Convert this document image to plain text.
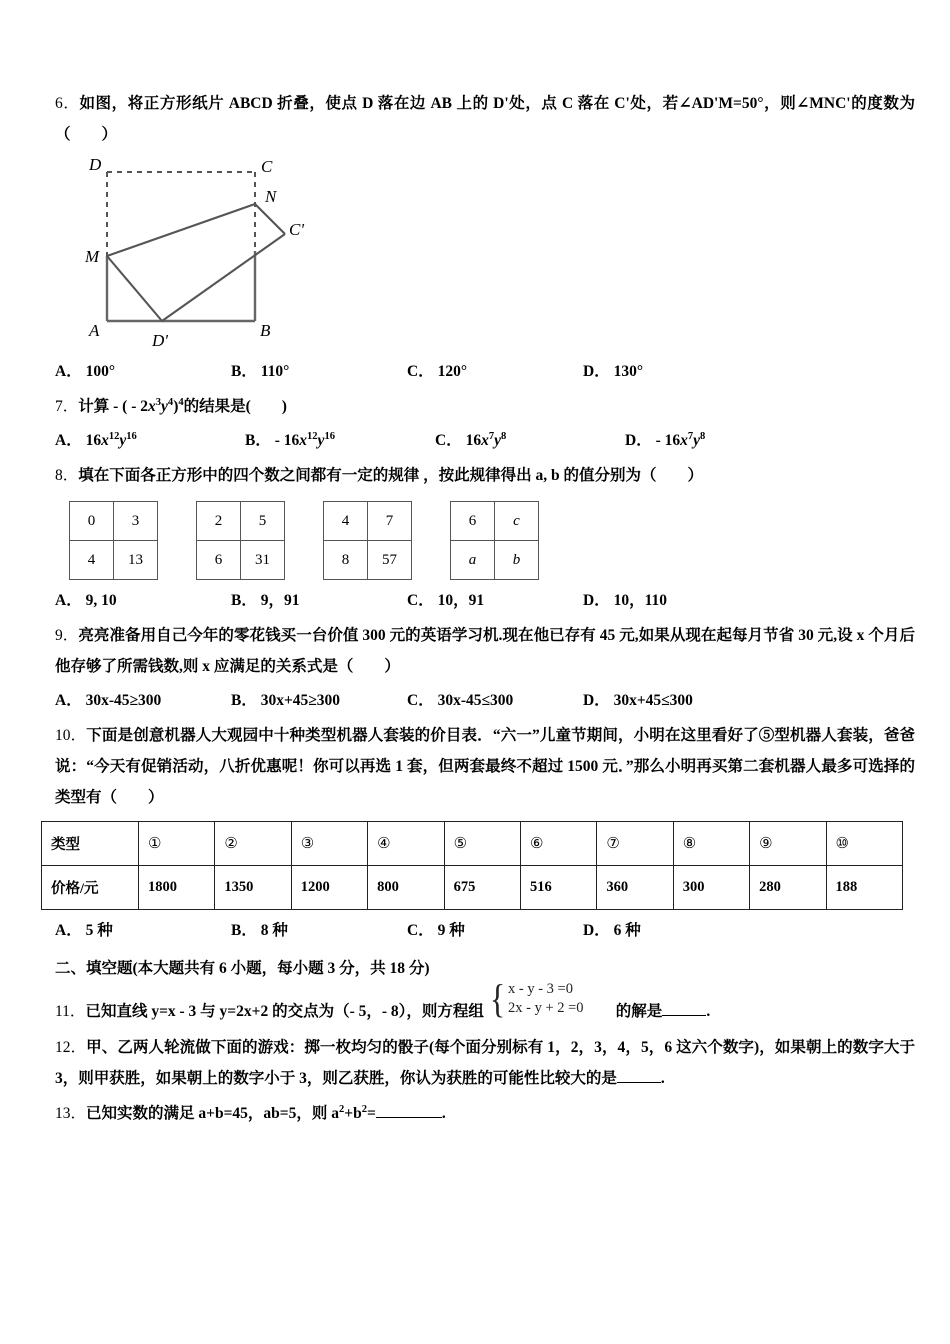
6．如图，将正方形纸片 ABCD 折叠，使点 D 落在边 AB 上的 D'处，点 C 落在 C'处，若∠AD'M=50°，则∠MNC'的度数为（　　）
D	C
N
C'
M
A
D'
B
A． 100°	B． 110°	C． 120°	D． 130°
7．计算 - ( - $2x^3y^4)^4$的结果是(　　)
A． $16x^{12}y^{16}$	B． - $16x^{12}y^{16}$	C． $16x^7y^8$	D． - $16x^7y^8$
8．填在下面各正方形中的四个数之间都有一定的规律 ，按此规律得出 a, b 的值分别为（　　）
0	3
4	13
2	5
6	31
4	7
8	57
6	c
a	b
A． 9, 10	B． 9，91	C． 10，91	D． 10，110
9．亮亮准备用自己今年的零花钱买一台价值 300 元的英语学习机.现在他已存有 45 元,如果从现在起每月节省 30 元,设 x 个月后他存够了所需钱数,则 x 应满足的关系式是（　　）
A． 30x-45≥300	B． 30x+45≥300	C． 30x-45≤300	D． 30x+45≤300
10．下面是创意机器人大观园中十种类型机器人套装的价目表．“六一”儿童节期间，小明在这里看好了⑤型机器人套装，爸爸说：“今天有促销活动，八折优惠呢！你可以再选 1 套，但两套最终不超过 1500 元．”那么小明再买第二套机器人最多可选择的类型有（　　）
类型	①	②	③	④	⑤	⑥	⑦	⑧	⑨	⑩
价格/元	1800	1350	1200	800	675	516	360	300	280	188
A． 5 种	B． 8 种	C． 9 种	D． 6 种
二、填空题(本大题共有 6 小题，每小题 3 分，共 18 分)
11．已知直线 y=x - 3 与 y=2x+2 的交点为（- 5，- 8），则方程组 { x - y - 3 =0
2x - y + 2 =0 的解是	.
12．甲、乙两人轮流做下面的游戏：掷一枚均匀的骰子(每个面分别标有 1，2，3，4，5，6 这六个数字)，如果朝上的数字大于 3，则甲获胜，如果朝上的数字小于 3，则乙获胜，你认为获胜的可能性比较大的是	.
13．已知实数的满足 a+b=45，ab=5，则 $a^2+b^2=$	.
